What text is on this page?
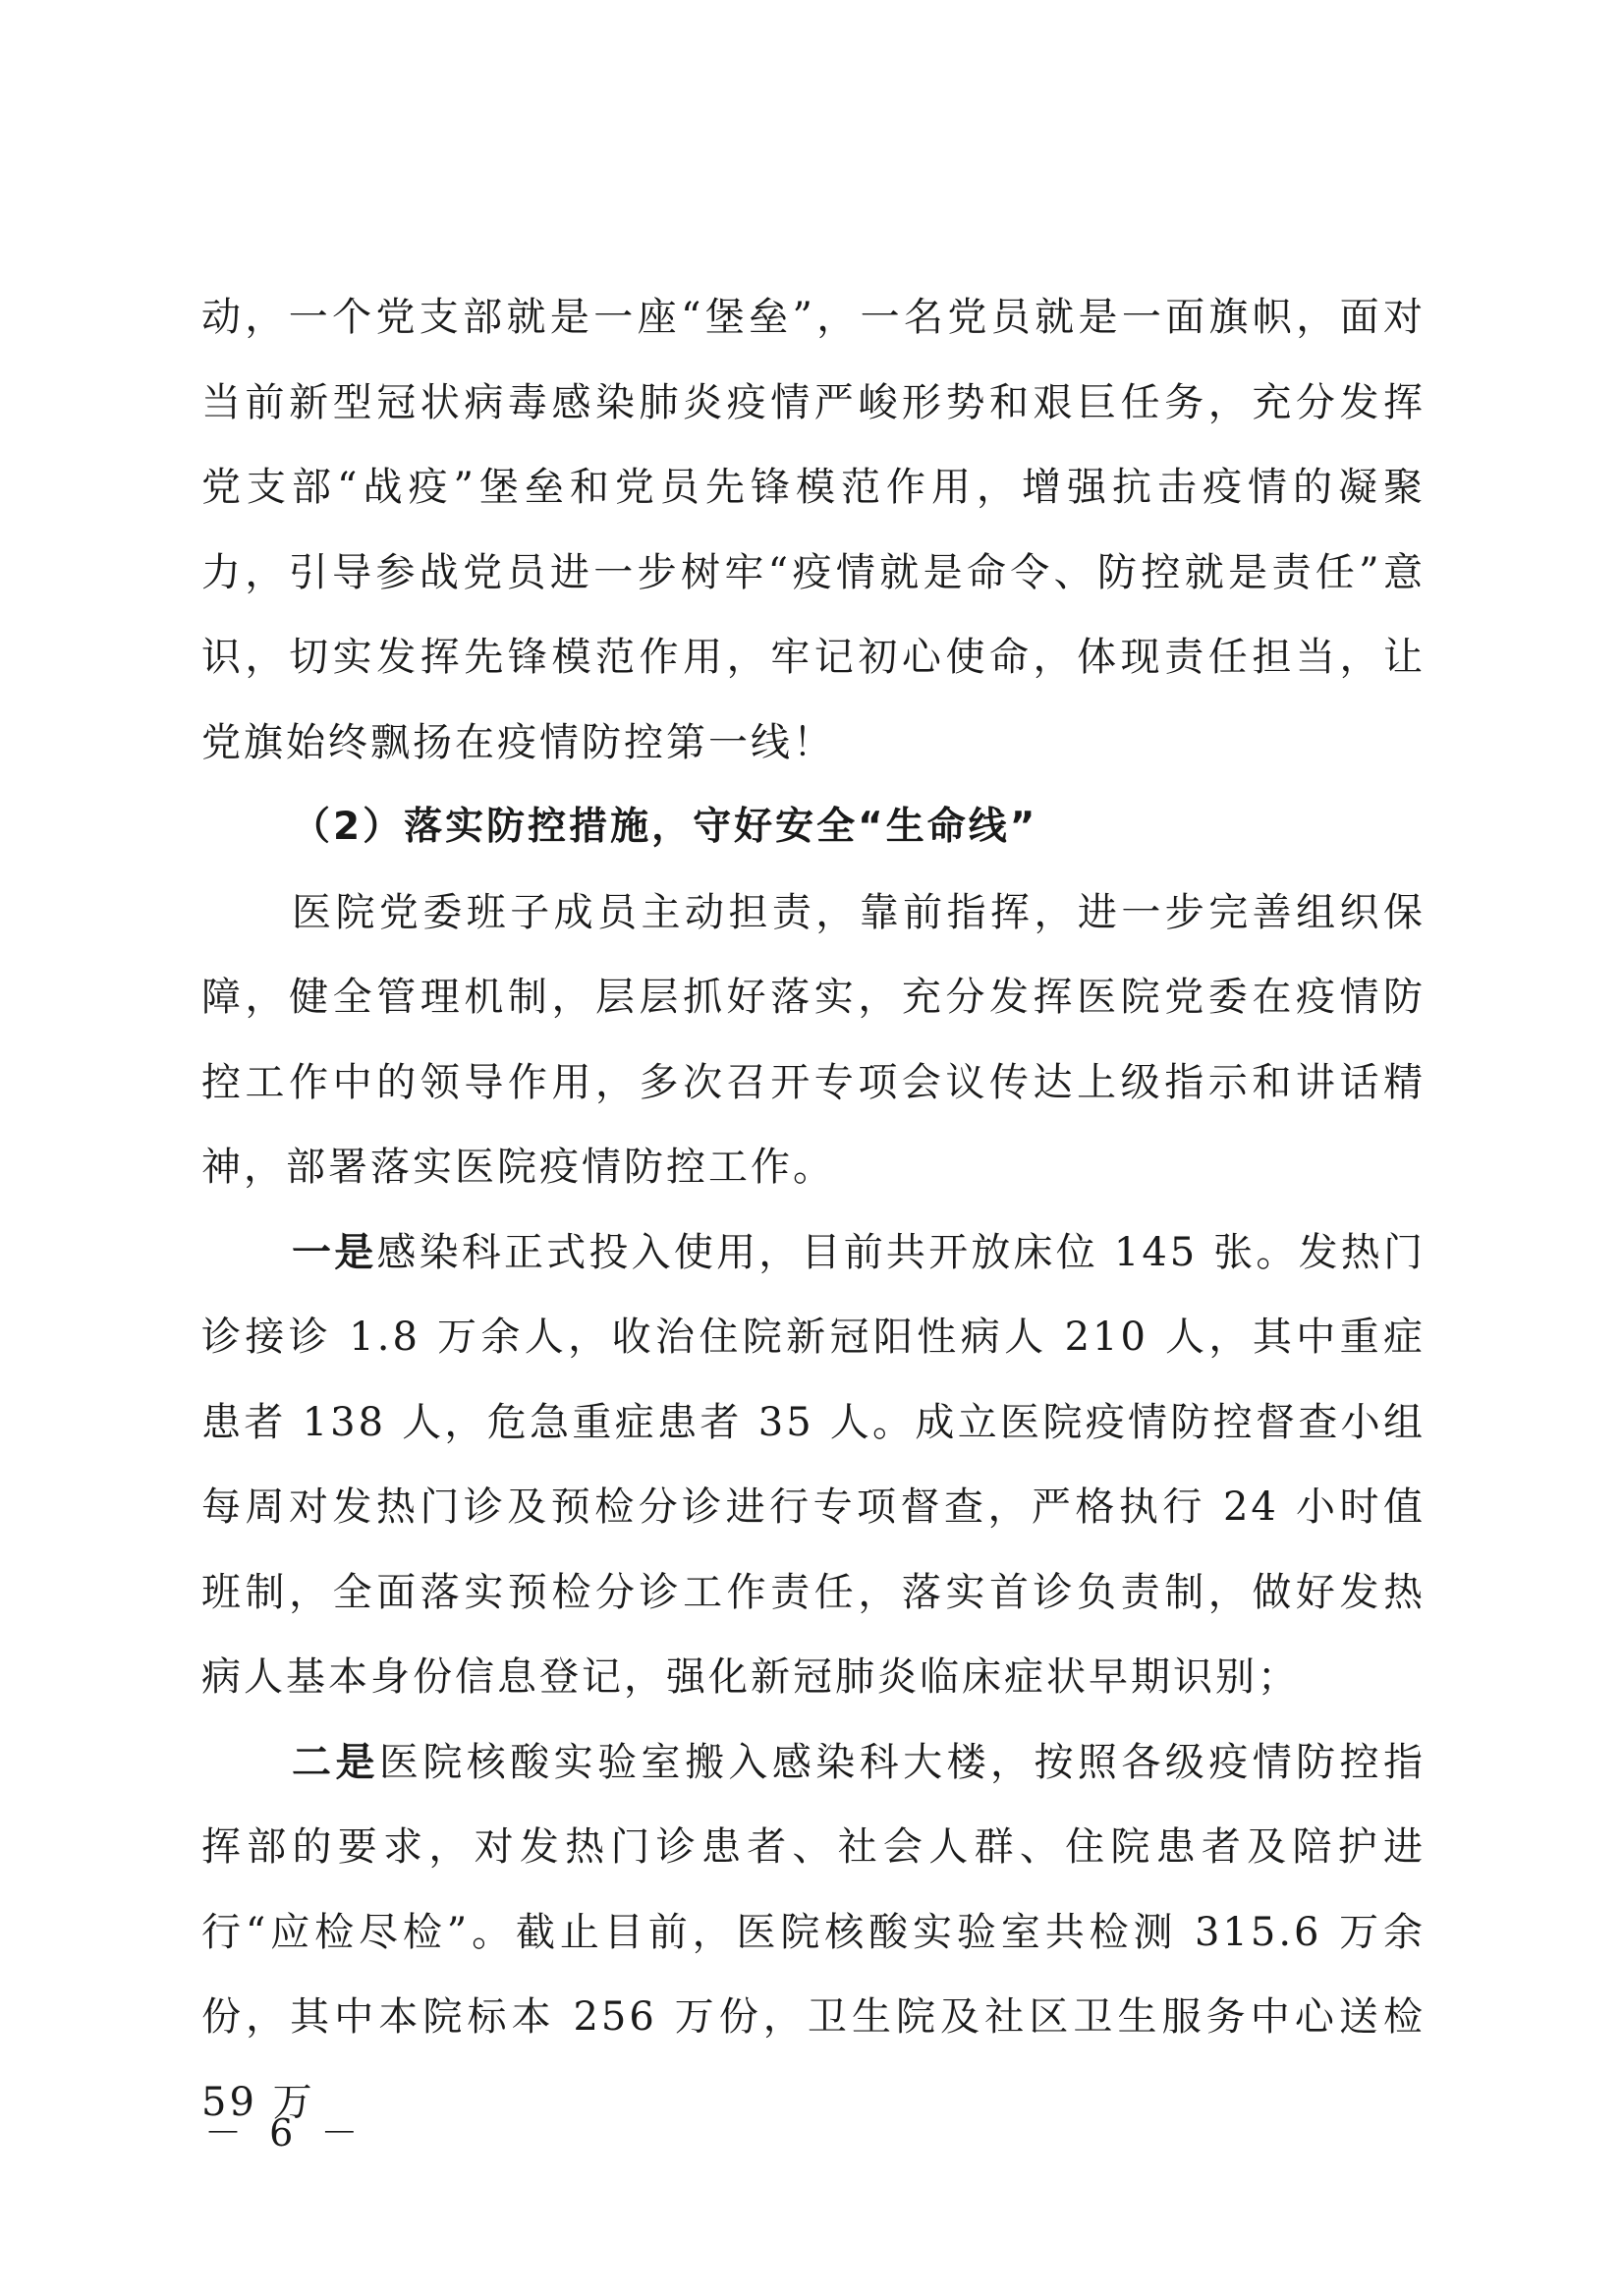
动，一个党支部就是一座“堡垒”，一名党员就是一面旗帜，面对当前新型冠状病毒感染肺炎疫情严峻形势和艰巨任务，充分发挥党支部“战疫”堡垒和党员先锋模范作用，增强抗击疫情的凝聚力，引导参战党员进一步树牢“疫情就是命令、防控就是责任”意识，切实发挥先锋模范作用，牢记初心使命，体现责任担当，让党旗始终飘扬在疫情防控第一线！

（2）落实防控措施，守好安全“生命线”

医院党委班子成员主动担责，靠前指挥，进一步完善组织保障，健全管理机制，层层抓好落实，充分发挥医院党委在疫情防控工作中的领导作用，多次召开专项会议传达上级指示和讲话精神，部署落实医院疫情防控工作。

一是感染科正式投入使用，目前共开放床位 145 张。发热门诊接诊 1.8 万余人，收治住院新冠阳性病人 210 人，其中重症患者 138 人，危急重症患者 35 人。成立医院疫情防控督查小组每周对发热门诊及预检分诊进行专项督查，严格执行 24 小时值班制，全面落实预检分诊工作责任，落实首诊负责制，做好发热病人基本身份信息登记，强化新冠肺炎临床症状早期识别；

二是医院核酸实验室搬入感染科大楼，按照各级疫情防控指挥部的要求，对发热门诊患者、社会人群、住院患者及陪护进行“应检尽检”。截止目前，医院核酸实验室共检测 315.6 万余份，其中本院标本 256 万份，卫生院及社区卫生服务中心送检 59 万

－ 6 －
